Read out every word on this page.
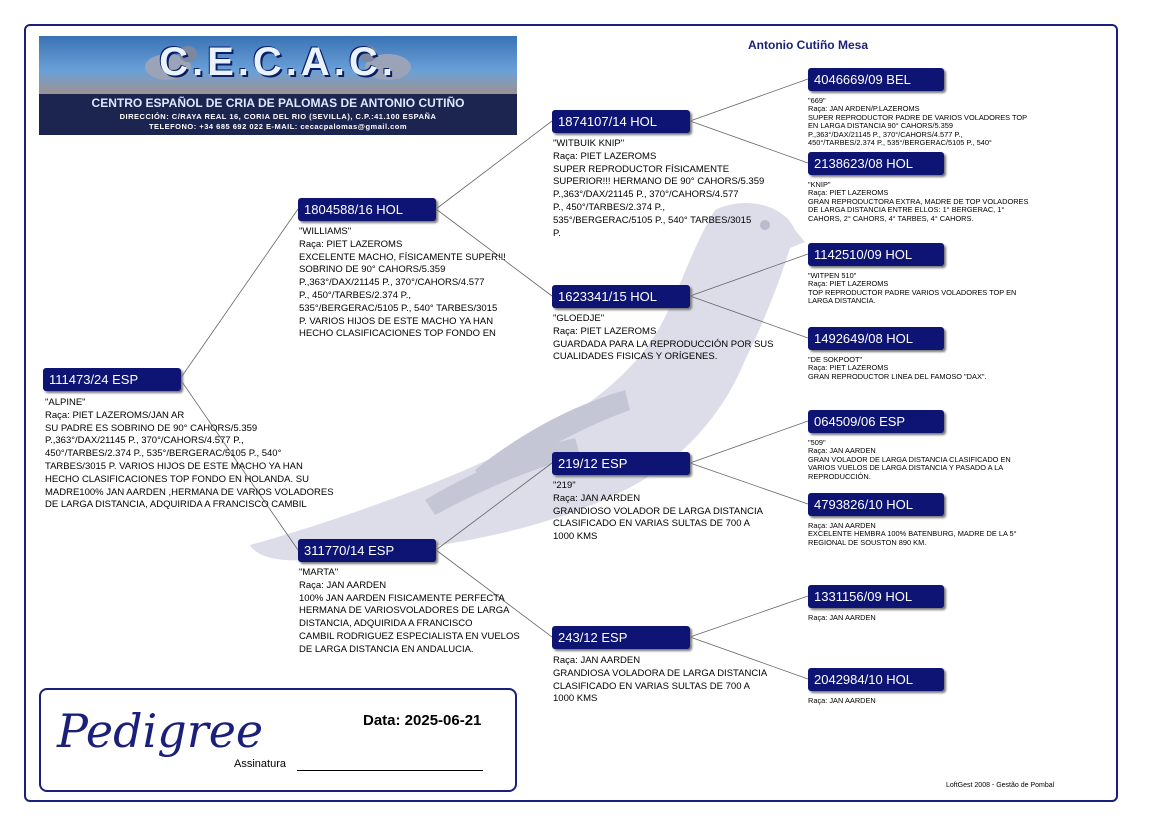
C.E.C.A.C.
CENTRO ESPAÑOL DE CRIA DE PALOMAS DE ANTONIO CUTIÑO
DIRECCIÓN: C/RAYA REAL 16, CORIA DEL RIO (SEVILLA), C.P.:41.100 ESPAÑA
TELEFONO: +34 685 692 022 E-MAIL: cecacpalomas@gmail.com
Antonio Cutiño Mesa
111473/24 ESP
"ALPINE"
Raça: PIET LAZEROMS/JAN AR
SU PADRE ES SOBRINO DE 90° CAHORS/5.359
P.,363°/DAX/21145 P., 370°/CAHORS/4.577 P.,
450°/TARBES/2.374 P., 535°/BERGERAC/5105 P., 540°
TARBES/3015 P. VARIOS HIJOS DE ESTE MACHO YA HAN
HECHO CLASIFICACIONES TOP FONDO EN HOLANDA. SU
MADRE100% JAN AARDEN ,HERMANA DE VARIOS VOLADORES
DE LARGA DISTANCIA, ADQUIRIDA A FRANCISCO CAMBIL
1804588/16 HOL
"WILLIAMS"
Raça: PIET LAZEROMS
EXCELENTE MACHO, FÍSICAMENTE SUPER!!!
SOBRINO DE 90° CAHORS/5.359
P.,363°/DAX/21145 P., 370°/CAHORS/4.577
P., 450°/TARBES/2.374 P.,
535°/BERGERAC/5105 P., 540° TARBES/3015
P. VARIOS HIJOS DE ESTE MACHO YA HAN
HECHO CLASIFICACIONES TOP FONDO EN
311770/14 ESP
"MARTA"
Raça: JAN AARDEN
100% JAN AARDEN FISICAMENTE PERFECTA
HERMANA DE VARIOSVOLADORES DE LARGA
DISTANCIA, ADQUIRIDA A FRANCISCO
CAMBIL RODRIGUEZ ESPECIALISTA EN VUELOS
DE LARGA DISTANCIA EN ANDALUCIA.
1874107/14 HOL
"WITBUIK KNIP"
Raça: PIET LAZEROMS
SUPER REPRODUCTOR FÍSICAMENTE
SUPERIOR!!! HERMANO DE 90° CAHORS/5.359
P.,363°/DAX/21145 P., 370°/CAHORS/4.577
P., 450°/TARBES/2.374 P.,
535°/BERGERAC/5105 P., 540° TARBES/3015
P.
1623341/15 HOL
"GLOEDJE"
Raça: PIET LAZEROMS
GUARDADA PARA LA REPRODUCCIÓN POR SUS
CUALIDADES FISICAS Y ORÍGENES.
219/12 ESP
"219"
Raça: JAN AARDEN
GRANDIOSO VOLADOR DE LARGA DISTANCIA
CLASIFICADO EN VARIAS SULTAS DE 700 A
1000 KMS
243/12 ESP
Raça: JAN AARDEN
GRANDIOSA VOLADORA DE LARGA DISTANCIA
CLASIFICADO EN VARIAS SULTAS DE 700 A
1000 KMS
4046669/09 BEL
"669"
Raça: JAN ARDEN/P.LAZEROMS
SUPER REPRODUCTOR PADRE DE VARIOS VOLADORES TOP
EN LARGA DISTANCIA 90° CAHORS/5.359
P.,363°/DAX/21145 P., 370°/CAHORS/4.577 P.,
450°/TARBES/2.374 P., 535°/BERGERAC/5105 P., 540°
2138623/08 HOL
"KNIP"
Raça: PIET LAZEROMS
GRAN REPRODUCTORA EXTRA, MADRE DE TOP VOLADORES
DE LARGA DISTANCIA ENTRE ELLOS: 1° BERGERAC, 1°
CAHORS, 2° CAHORS, 4° TARBES, 4° CAHORS.
1142510/09 HOL
"WITPEN 510"
Raça: PIET LAZEROMS
TOP REPRODUCTOR PADRE VARIOS VOLADORES TOP EN
LARGA DISTANCIA.
1492649/08 HOL
"DE SOKPOOT"
Raça: PIET LAZEROMS
GRAN REPRODUCTOR LINEA DEL FAMOSO "DAX".
064509/06 ESP
"509"
Raça: JAN AARDEN
GRAN VOLADOR DE LARGA DISTANCIA CLASIFICADO EN
VARIOS VUELOS DE LARGA DISTANCIA Y PASADO A LA
REPRODUCCIÓN.
4793826/10 HOL
Raça: JAN AARDEN
EXCELENTE HEMBRA 100% BATENBURG, MADRE DE LA 5°
REGIONAL DE SOUSTON 890 KM.
1331156/09 HOL
Raça: JAN AARDEN
2042984/10 HOL
Raça: JAN AARDEN
Pedigree	Data: 2025-06-21
Assinatura
LoftGest 2008 - Gestão de Pombal
